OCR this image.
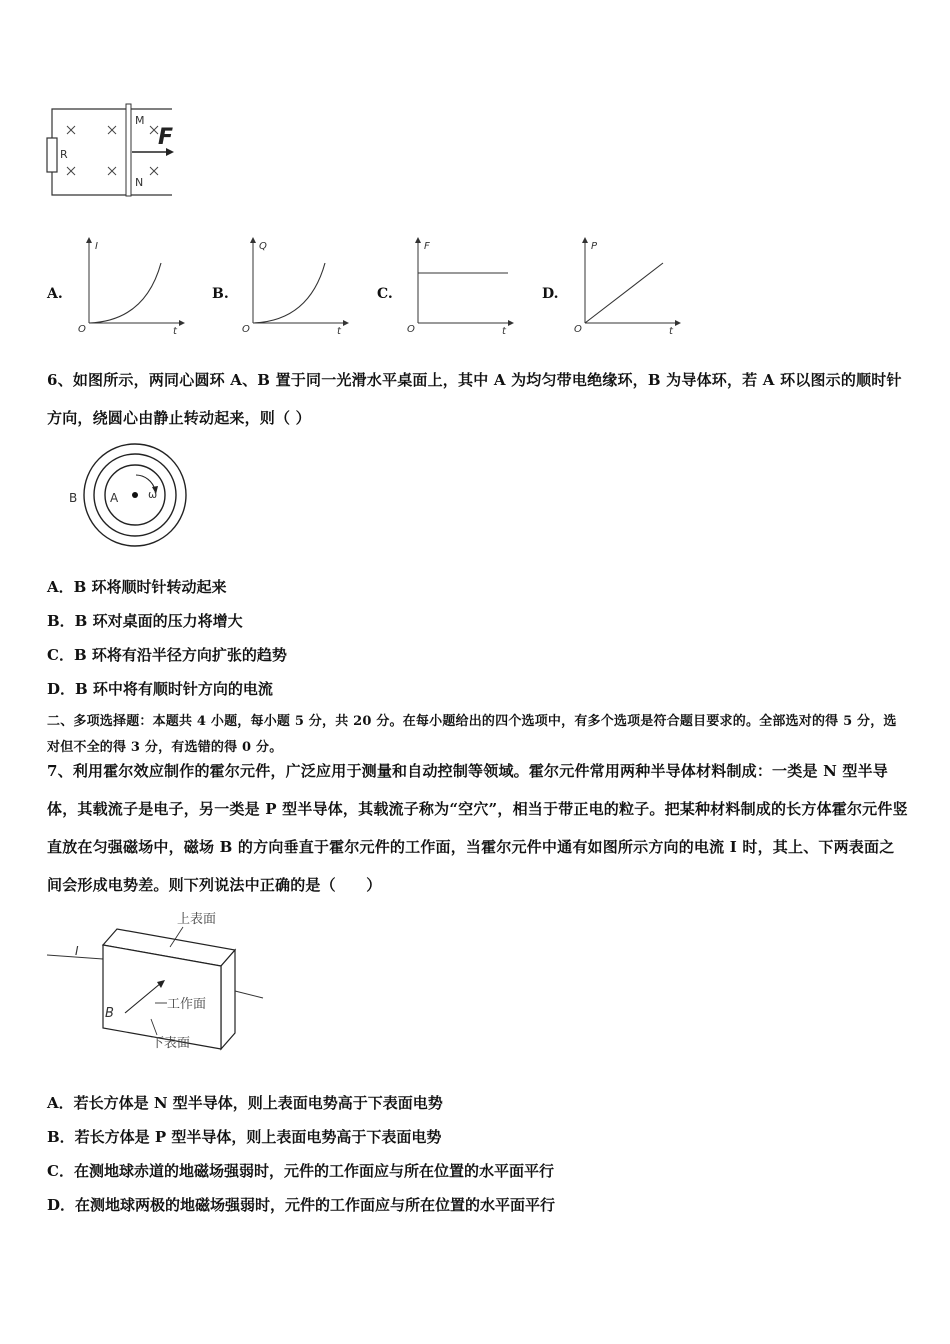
R
M
N
F
A.	B.	C.	D.
I
t
O
Q
t
O
F
t
O
P
t
O
6、如图所示，两同心圆环 A、B 置于同一光滑水平桌面上，其中 A 为均匀带电绝缘环，B 为导体环，若 A 环以图示的顺时针方向，绕圆心由静止转动起来，则（ ）
B	A	ω
A．B 环将顺时针转动起来
B．B 环对桌面的压力将增大
C．B 环将有沿半径方向扩张的趋势
D．B 环中将有顺时针方向的电流
二、多项选择题：本题共 4 小题，每小题 5 分，共 20 分。在每小题给出的四个选项中，有多个选项是符合题目要求的。全部选对的得 5 分，选对但不全的得 3 分，有选错的得 0 分。
7、利用霍尔效应制作的霍尔元件，广泛应用于测量和自动控制等领域。霍尔元件常用两种半导体材料制成：一类是 N 型半导体，其载流子是电子，另一类是 P 型半导体，其载流子称为“空穴”，相当于带正电的粒子。把某种材料制成的长方体霍尔元件竖直放在匀强磁场中，磁场 B 的方向垂直于霍尔元件的工作面，当霍尔元件中通有如图所示方向的电流 I 时，其上、下两表面之间会形成电势差。则下列说法中正确的是（　　）
上表面
工作面
下表面
I
B
A．若长方体是 N 型半导体，则上表面电势高于下表面电势
B．若长方体是 P 型半导体，则上表面电势高于下表面电势
C．在测地球赤道的地磁场强弱时，元件的工作面应与所在位置的水平面平行
D．在测地球两极的地磁场强弱时，元件的工作面应与所在位置的水平面平行
